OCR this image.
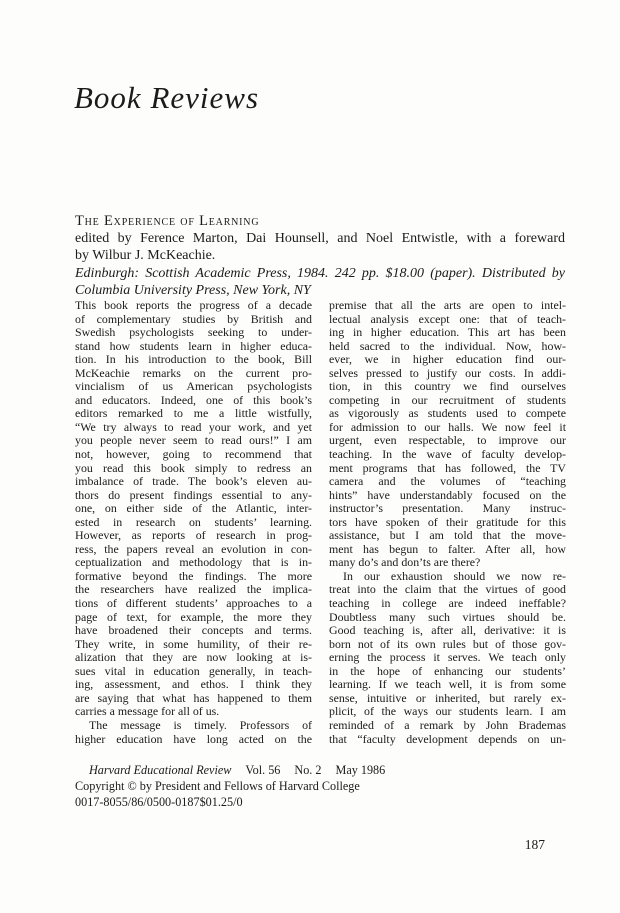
Book Reviews
The Experience of Learning
edited by Ference Marton, Dai Hounsell, and Noel Entwistle, with a foreward
by Wilbur J. McKeachie.
Edinburgh: Scottish Academic Press, 1984. 242 pp. $18.00 (paper). Distributed by
Columbia University Press, New York, NY
This book reports the progress of a decade
of complementary studies by British and
Swedish psychologists seeking to under-
stand how students learn in higher educa-
tion. In his introduction to the book, Bill
McKeachie remarks on the current pro-
vincialism of us American psychologists
and educators. Indeed, one of this book’s
editors remarked to me a little wistfully,
“We try always to read your work, and yet
you people never seem to read ours!” I am
not, however, going to recommend that
you read this book simply to redress an
imbalance of trade. The book’s eleven au-
thors do present findings essential to any-
one, on either side of the Atlantic, inter-
ested in research on students’ learning.
However, as reports of research in prog-
ress, the papers reveal an evolution in con-
ceptualization and methodology that is in-
formative beyond the findings. The more
the researchers have realized the implica-
tions of different students’ approaches to a
page of text, for example, the more they
have broadened their concepts and terms.
They write, in some humility, of their re-
alization that they are now looking at is-
sues vital in education generally, in teach-
ing, assessment, and ethos. I think they
are saying that what has happened to them
carries a message for all of us.
The message is timely. Professors of
higher education have long acted on the
premise that all the arts are open to intel-
lectual analysis except one: that of teach-
ing in higher education. This art has been
held sacred to the individual. Now, how-
ever, we in higher education find our-
selves pressed to justify our costs. In addi-
tion, in this country we find ourselves
competing in our recruitment of students
as vigorously as students used to compete
for admission to our halls. We now feel it
urgent, even respectable, to improve our
teaching. In the wave of faculty develop-
ment programs that has followed, the TV
camera and the volumes of “teaching
hints” have understandably focused on the
instructor’s presentation. Many instruc-
tors have spoken of their gratitude for this
assistance, but I am told that the move-
ment has begun to falter. After all, how
many do’s and don’ts are there?
In our exhaustion should we now re-
treat into the claim that the virtues of good
teaching in college are indeed ineffable?
Doubtless many such virtues should be.
Good teaching is, after all, derivative: it is
born not of its own rules but of those gov-
erning the process it serves. We teach only
in the hope of enhancing our students’
learning. If we teach well, it is from some
sense, intuitive or inherited, but rarely ex-
plicit, of the ways our students learn. I am
reminded of a remark by John Brademas
that “faculty development depends on un-
Harvard Educational Review Vol. 56 No. 2 May 1986
Copyright © by President and Fellows of Harvard College
0017-8055/86/0500-0187$01.25/0
187
